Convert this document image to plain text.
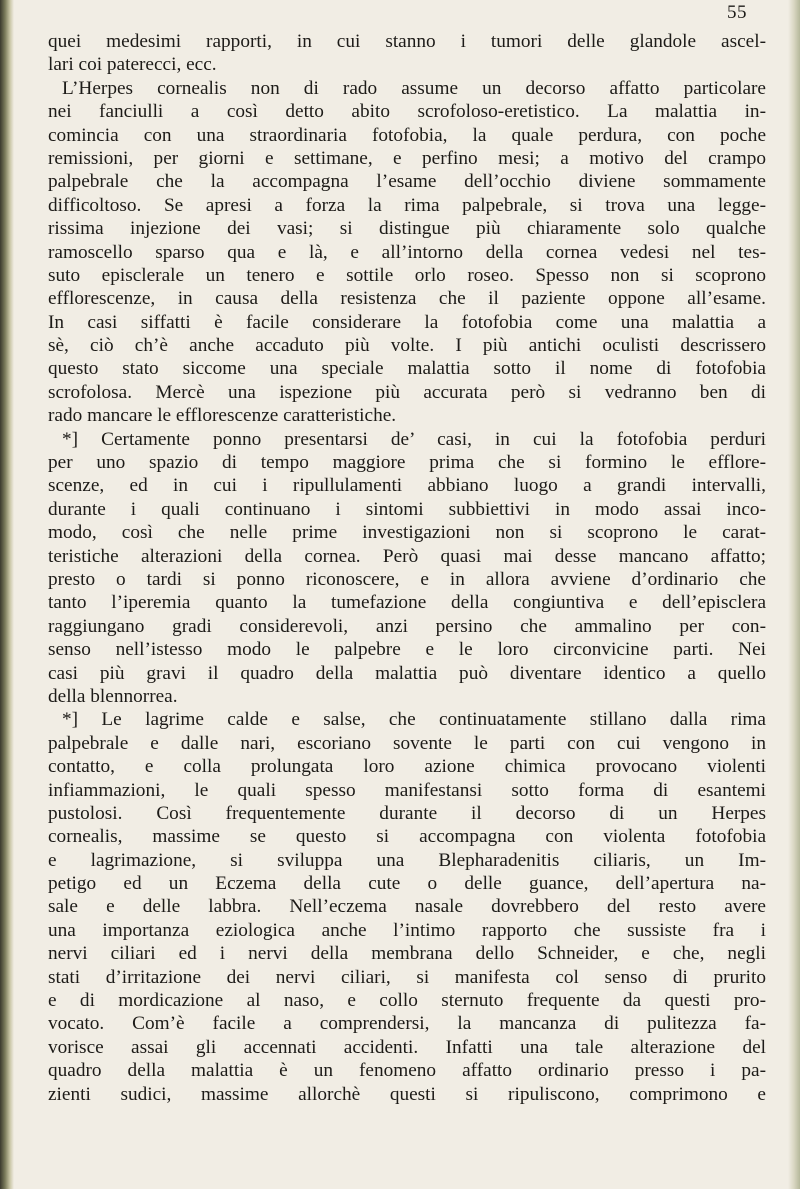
55
quei medesimi rapporti, in cui stanno i tumori delle glandole ascel-
lari coi paterecci, ecc.
L’Herpes cornealis non di rado assume un decorso affatto particolare
nei fanciulli a così detto abito scrofoloso-eretistico. La malattia in-
comincia con una straordinaria fotofobia, la quale perdura, con poche
remissioni, per giorni e settimane, e perfino mesi; a motivo del crampo
palpebrale che la accompagna l’esame dell’occhio diviene sommamente
difficoltoso. Se apresi a forza la rima palpebrale, si trova una legge-
rissima injezione dei vasi; si distingue più chiaramente solo qualche
ramoscello sparso qua e là, e all’intorno della cornea vedesi nel tes-
suto episclerale un tenero e sottile orlo roseo. Spesso non si scoprono
efflorescenze, in causa della resistenza che il paziente oppone all’esame.
In casi siffatti è facile considerare la fotofobia come una malattia a
sè, ciò ch’è anche accaduto più volte. I più antichi oculisti descrissero
questo stato siccome una speciale malattia sotto il nome di fotofobia
scrofolosa. Mercè una ispezione più accurata però si vedranno ben di
rado mancare le efflorescenze caratteristiche.
*] Certamente ponno presentarsi de’ casi, in cui la fotofobia perduri
per uno spazio di tempo maggiore prima che si formino le efflore-
scenze, ed in cui i ripullulamenti abbiano luogo a grandi intervalli,
durante i quali continuano i sintomi subbiettivi in modo assai inco-
modo, così che nelle prime investigazioni non si scoprono le carat-
teristiche alterazioni della cornea. Però quasi mai desse mancano affatto;
presto o tardi si ponno riconoscere, e in allora avviene d’ordinario che
tanto l’iperemia quanto la tumefazione della congiuntiva e dell’episclera
raggiungano gradi considerevoli, anzi persino che ammalino per con-
senso nell’istesso modo le palpebre e le loro circonvicine parti. Nei
casi più gravi il quadro della malattia può diventare identico a quello
della blennorrea.
*] Le lagrime calde e salse, che continuatamente stillano dalla rima
palpebrale e dalle nari, escoriano sovente le parti con cui vengono in
contatto, e colla prolungata loro azione chimica provocano violenti
infiammazioni, le quali spesso manifestansi sotto forma di esantemi
pustolosi. Così frequentemente durante il decorso di un Herpes
cornealis, massime se questo si accompagna con violenta fotofobia
e lagrimazione, si sviluppa una Blepharadenitis ciliaris, un Im-
petigo ed un Eczema della cute o delle guance, dell’apertura na-
sale e delle labbra. Nell’eczema nasale dovrebbero del resto avere
una importanza eziologica anche l’intimo rapporto che sussiste fra i
nervi ciliari ed i nervi della membrana dello Schneider, e che, negli
stati d’irritazione dei nervi ciliari, si manifesta col senso di prurito
e di mordicazione al naso, e collo sternuto frequente da questi pro-
vocato. Com’è facile a comprendersi, la mancanza di pulitezza fa-
vorisce assai gli accennati accidenti. Infatti una tale alterazione del
quadro della malattia è un fenomeno affatto ordinario presso i pa-
zienti sudici, massime allorchè questi si ripuliscono, comprimono e
